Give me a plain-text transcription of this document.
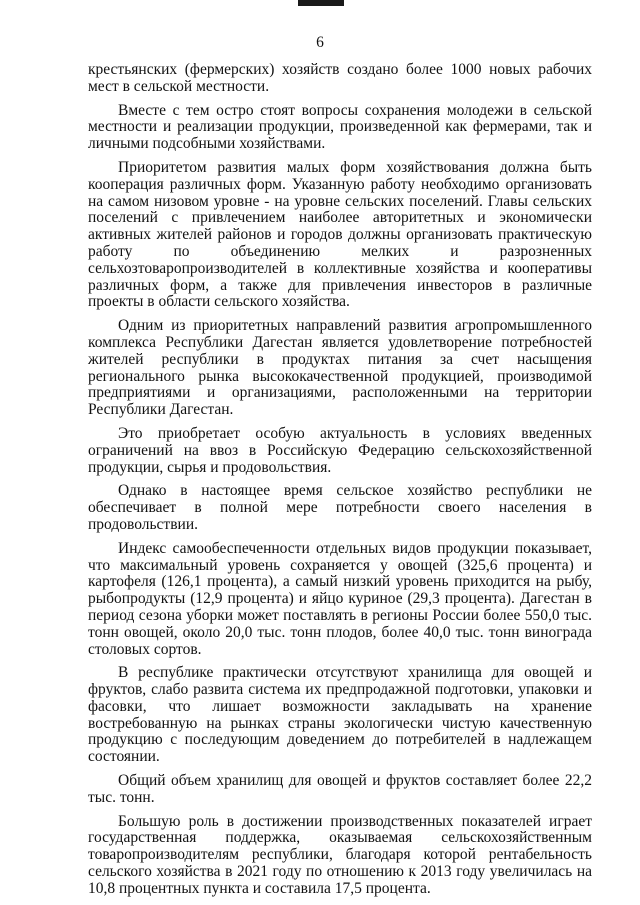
6

крестьянских (фермерских) хозяйств создано более 1000 новых рабочих мест в сельской местности.

Вместе с тем остро стоят вопросы сохранения молодежи в сельской местности и реализации продукции, произведенной как фермерами, так и личными подсобными хозяйствами.

Приоритетом развития малых форм хозяйствования должна быть кооперация различных форм. Указанную работу необходимо организовать на самом низовом уровне - на уровне сельских поселений. Главы сельских поселений с привлечением наиболее авторитетных и экономически активных жителей районов и городов должны организовать практическую работу по объединению мелких и разрозненных сельхозтоваропроизводителей в коллективные хозяйства и кооперативы различных форм, а также для привлечения инвесторов в различные проекты в области сельского хозяйства.

Одним из приоритетных направлений развития агропромышленного комплекса Республики Дагестан является удовлетворение потребностей жителей республики в продуктах питания за счет насыщения регионального рынка высококачественной продукцией, производимой предприятиями и организациями, расположенными на территории Республики Дагестан.

Это приобретает особую актуальность в условиях введенных ограничений на ввоз в Российскую Федерацию сельскохозяйственной продукции, сырья и продовольствия.

Однако в настоящее время сельское хозяйство республики не обеспечивает в полной мере потребности своего населения в продовольствии.

Индекс самообеспеченности отдельных видов продукции показывает, что максимальный уровень сохраняется у овощей (325,6 процента) и картофеля (126,1 процента), а самый низкий уровень приходится на рыбу, рыбопродукты (12,9 процента) и яйцо куриное (29,3 процента). Дагестан в период сезона уборки может поставлять в регионы России более 550,0 тыс. тонн овощей, около 20,0 тыс. тонн плодов, более 40,0 тыс. тонн винограда столовых сортов.

В республике практически отсутствуют хранилища для овощей и фруктов, слабо развита система их предпродажной подготовки, упаковки и фасовки, что лишает возможности закладывать на хранение востребованную на рынках страны экологически чистую качественную продукцию с последующим доведением до потребителей в надлежащем состоянии.

Общий объем хранилищ для овощей и фруктов составляет более 22,2 тыс. тонн.

Большую роль в достижении производственных показателей играет государственная поддержка, оказываемая сельскохозяйственным товаропроизводителям республики, благодаря которой рентабельность сельского хозяйства в 2021 году по отношению к 2013 году увеличилась на 10,8 процентных пункта и составила 17,5 процента.
